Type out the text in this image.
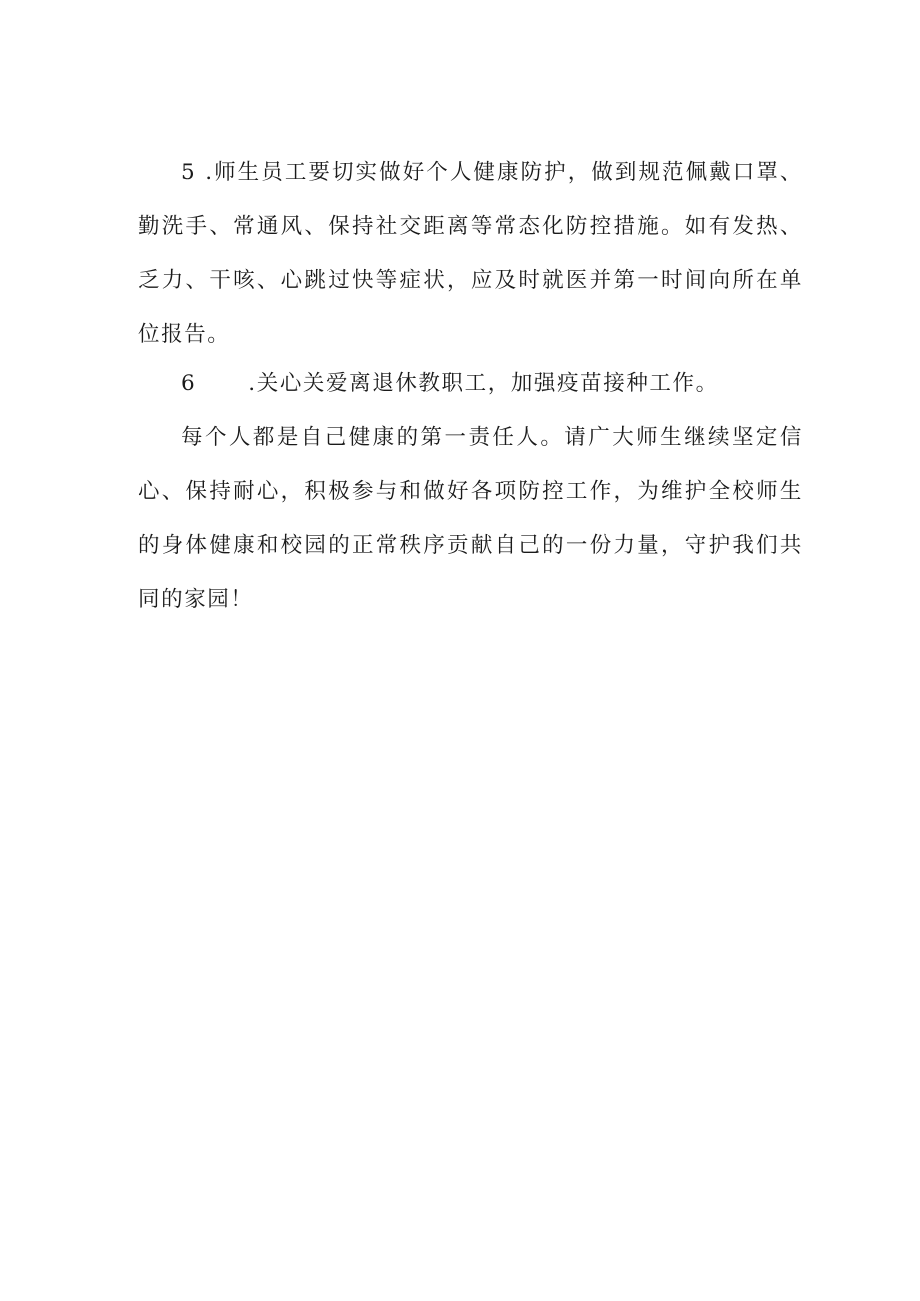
5 .师生员工要切实做好个人健康防护，做到规范佩戴口罩、勤洗手、常通风、保持社交距离等常态化防控措施。如有发热、乏力、干咳、心跳过快等症状，应及时就医并第一时间向所在单位报告。

6 .关心关爱离退休教职工，加强疫苗接种工作。

每个人都是自己健康的第一责任人。请广大师生继续坚定信心、保持耐心，积极参与和做好各项防控工作，为维护全校师生的身体健康和校园的正常秩序贡献自己的一份力量，守护我们共同的家园！
